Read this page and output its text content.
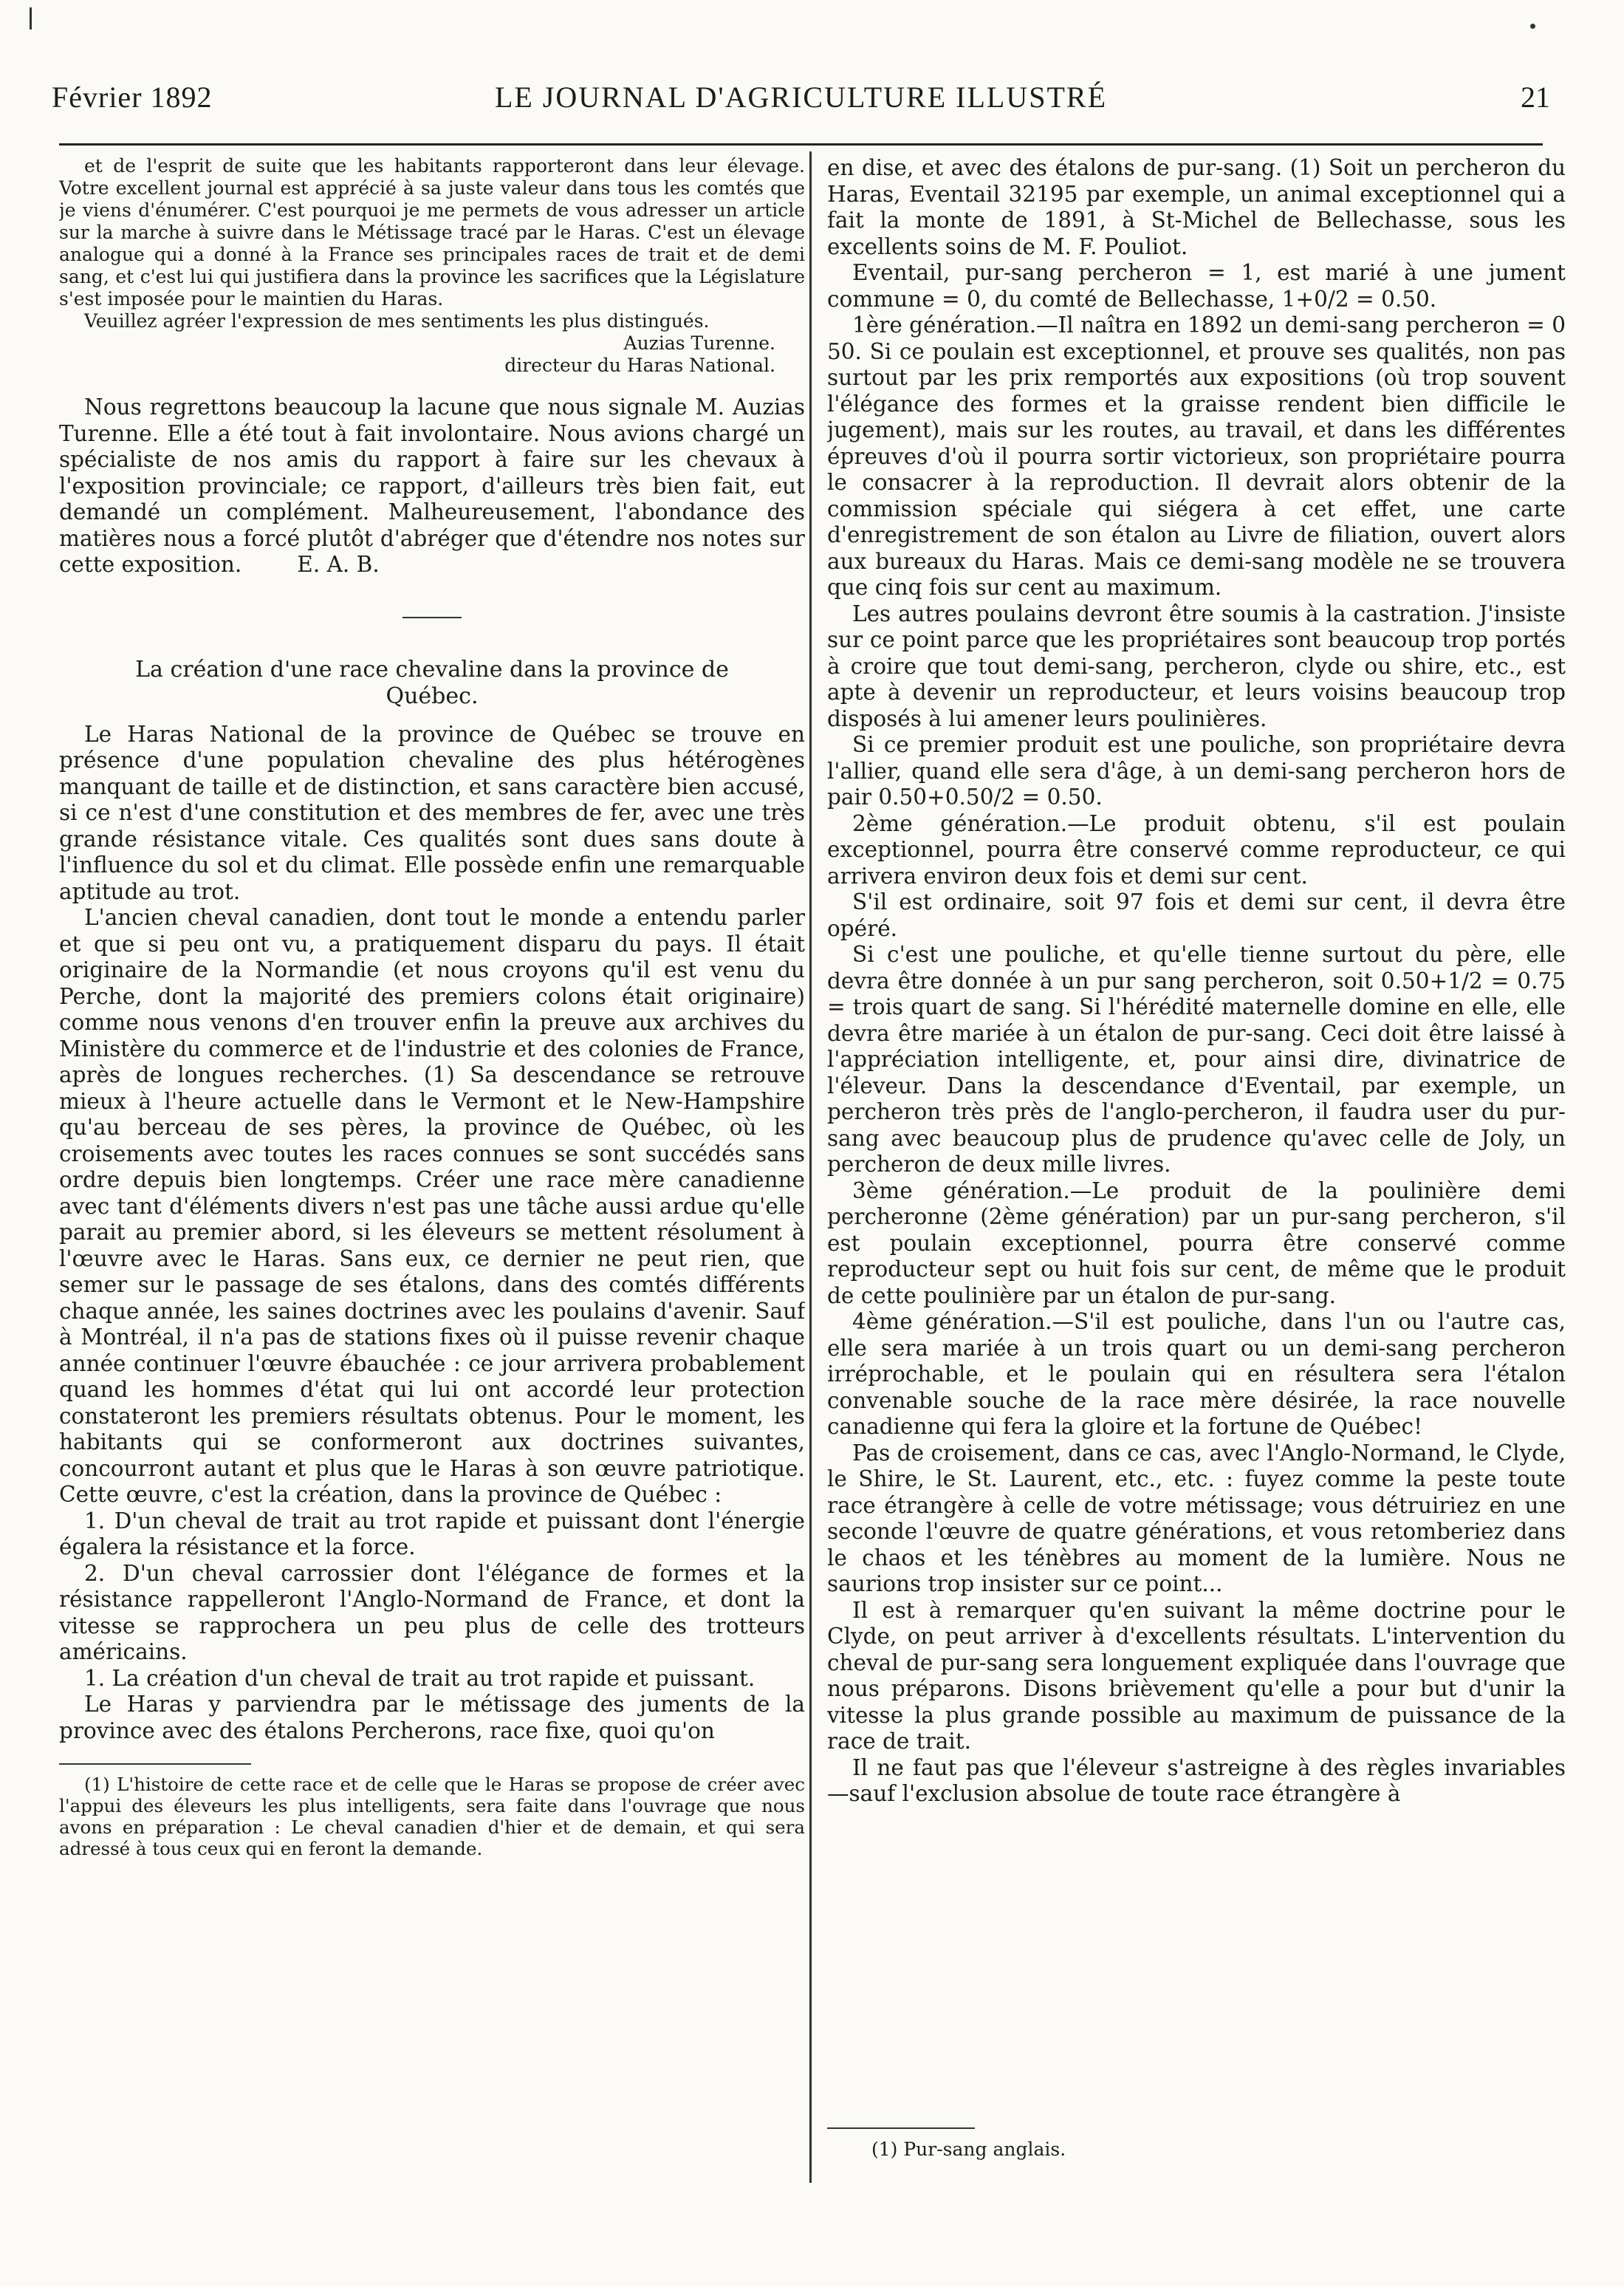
Février 1892	LE JOURNAL D'AGRICULTURE ILLUSTRÉ	21

et de l'esprit de suite que les habitants rapporteront dans leur élevage. Votre excellent journal est apprécié à sa juste valeur dans tous les comtés que je viens d'énumérer. C'est pourquoi je me permets de vous adresser un article sur la marche à suivre dans le Métissage tracé par le Haras. C'est un élevage analogue qui a donné à la France ses principales races de trait et de demi sang, et c'est lui qui justifiera dans la province les sacrifices que la Législature s'est imposée pour le maintien du Haras.

Veuillez agréer l'expression de mes sentiments les plus distingués.

Auzias Turenne.

directeur du Haras National.

Nous regrettons beaucoup la lacune que nous signale M. Auzias Turenne. Elle a été tout à fait involontaire. Nous avions chargé un spécialiste de nos amis du rapport à faire sur les chevaux à l'exposition provinciale; ce rapport, d'ailleurs très bien fait, eut demandé un complément. Malheureusement, l'abondance des matières nous a forcé plutôt d'abréger que d'étendre nos notes sur cette exposition.	E. A. B.

La création d'une race chevaline dans la province de Québec.

Le Haras National de la province de Québec se trouve en présence d'une population chevaline des plus hétérogènes manquant de taille et de distinction, et sans caractère bien accusé, si ce n'est d'une constitution et des membres de fer, avec une très grande résistance vitale. Ces qualités sont dues sans doute à l'influence du sol et du climat. Elle possède enfin une remarquable aptitude au trot.

L'ancien cheval canadien, dont tout le monde a entendu parler et que si peu ont vu, a pratiquement disparu du pays. Il était originaire de la Normandie (et nous croyons qu'il est venu du Perche, dont la majorité des premiers colons était originaire) comme nous venons d'en trouver enfin la preuve aux archives du Ministère du commerce et de l'industrie et des colonies de France, après de longues recherches. (1) Sa descendance se retrouve mieux à l'heure actuelle dans le Vermont et le New-Hampshire qu'au berceau de ses pères, la province de Québec, où les croisements avec toutes les races connues se sont succédés sans ordre depuis bien longtemps. Créer une race mère canadienne avec tant d'éléments divers n'est pas une tâche aussi ardue qu'elle parait au premier abord, si les éleveurs se mettent résolument à l'œuvre avec le Haras. Sans eux, ce dernier ne peut rien, que semer sur le passage de ses étalons, dans des comtés différents chaque année, les saines doctrines avec les poulains d'avenir. Sauf à Montréal, il n'a pas de stations fixes où il puisse revenir chaque année continuer l'œuvre ébauchée : ce jour arrivera probablement quand les hommes d'état qui lui ont accordé leur protection constateront les premiers résultats obtenus. Pour le moment, les habitants qui se conformeront aux doctrines suivantes, concourront autant et plus que le Haras à son œuvre patriotique. Cette œuvre, c'est la création, dans la province de Québec :

1. D'un cheval de trait au trot rapide et puissant dont l'énergie égalera la résistance et la force.

2. D'un cheval carrossier dont l'élégance de formes et la résistance rappelleront l'Anglo-Normand de France, et dont la vitesse se rapprochera un peu plus de celle des trotteurs américains.

1. La création d'un cheval de trait au trot rapide et puissant.

Le Haras y parviendra par le métissage des juments de la province avec des étalons Percherons, race fixe, quoi qu'on

(1) L'histoire de cette race et de celle que le Haras se propose de créer avec l'appui des éleveurs les plus intelligents, sera faite dans l'ouvrage que nous avons en préparation : Le cheval canadien d'hier et de demain, et qui sera adressé à tous ceux qui en feront la demande.

en dise, et avec des étalons de pur-sang. (1) Soit un percheron du Haras, Eventail 32195 par exemple, un animal exceptionnel qui a fait la monte de 1891, à St-Michel de Bellechasse, sous les excellents soins de M. F. Pouliot.

Eventail, pur-sang percheron = 1, est marié à une jument commune = 0, du comté de Bellechasse, 1+0/2 = 0.50.

1ère génération.—Il naîtra en 1892 un demi-sang percheron = 0 50. Si ce poulain est exceptionnel, et prouve ses qualités, non pas surtout par les prix remportés aux expositions (où trop souvent l'élégance des formes et la graisse rendent bien difficile le jugement), mais sur les routes, au travail, et dans les différentes épreuves d'où il pourra sortir victorieux, son propriétaire pourra le consacrer à la reproduction. Il devrait alors obtenir de la commission spéciale qui siégera à cet effet, une carte d'enregistrement de son étalon au Livre de filiation, ouvert alors aux bureaux du Haras. Mais ce demi-sang modèle ne se trouvera que cinq fois sur cent au maximum.

Les autres poulains devront être soumis à la castration. J'insiste sur ce point parce que les propriétaires sont beaucoup trop portés à croire que tout demi-sang, percheron, clyde ou shire, etc., est apte à devenir un reproducteur, et leurs voisins beaucoup trop disposés à lui amener leurs poulinières.

Si ce premier produit est une pouliche, son propriétaire devra l'allier, quand elle sera d'âge, à un demi-sang percheron hors de pair 0.50+0.50/2 = 0.50.

2ème génération.—Le produit obtenu, s'il est poulain exceptionnel, pourra être conservé comme reproducteur, ce qui arrivera environ deux fois et demi sur cent.

S'il est ordinaire, soit 97 fois et demi sur cent, il devra être opéré.

Si c'est une pouliche, et qu'elle tienne surtout du père, elle devra être donnée à un pur sang percheron, soit 0.50+1/2 = 0.75 = trois quart de sang. Si l'hérédité maternelle domine en elle, elle devra être mariée à un étalon de pur-sang. Ceci doit être laissé à l'appréciation intelligente, et, pour ainsi dire, divinatrice de l'éleveur. Dans la descendance d'Eventail, par exemple, un percheron très près de l'anglo-percheron, il faudra user du pur-sang avec beaucoup plus de prudence qu'avec celle de Joly, un percheron de deux mille livres.

3ème génération.—Le produit de la poulinière demi percheronne (2ème génération) par un pur-sang percheron, s'il est poulain exceptionnel, pourra être conservé comme reproducteur sept ou huit fois sur cent, de même que le produit de cette poulinière par un étalon de pur-sang.

4ème génération.—S'il est pouliche, dans l'un ou l'autre cas, elle sera mariée à un trois quart ou un demi-sang percheron irréprochable, et le poulain qui en résultera sera l'étalon convenable souche de la race mère désirée, la race nouvelle canadienne qui fera la gloire et la fortune de Québec!

Pas de croisement, dans ce cas, avec l'Anglo-Normand, le Clyde, le Shire, le St. Laurent, etc., etc. : fuyez comme la peste toute race étrangère à celle de votre métissage; vous détruiriez en une seconde l'œuvre de quatre générations, et vous retomberiez dans le chaos et les ténèbres au moment de la lumière. Nous ne saurions trop insister sur ce point...

Il est à remarquer qu'en suivant la même doctrine pour le Clyde, on peut arriver à d'excellents résultats. L'intervention du cheval de pur-sang sera longuement expliquée dans l'ouvrage que nous préparons. Disons brièvement qu'elle a pour but d'unir la vitesse la plus grande possible au maximum de puissance de la race de trait.

Il ne faut pas que l'éleveur s'astreigne à des règles invariables—sauf l'exclusion absolue de toute race étrangère à

(1) Pur-sang anglais.
